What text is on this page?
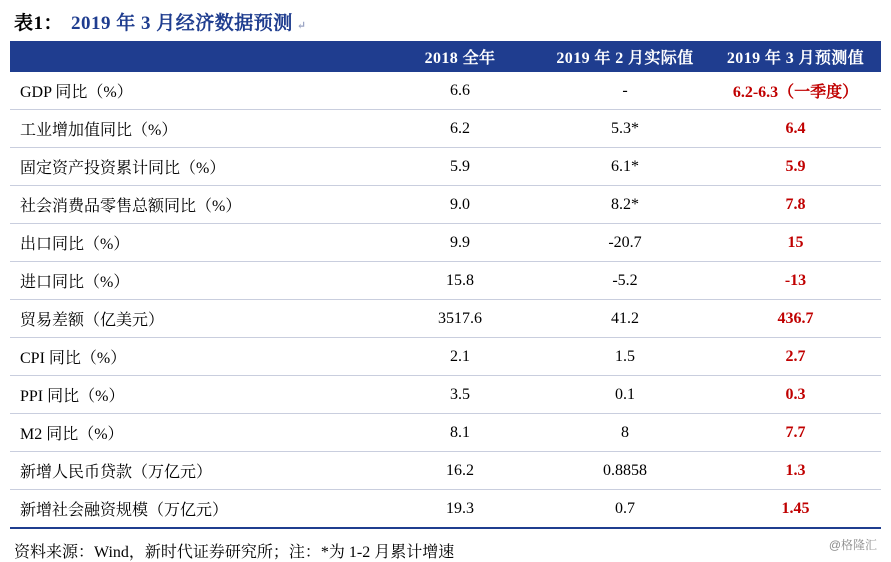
表1： 2019 年 3 月经济数据预测 ↵
	2018 全年	2019 年 2 月实际值	2019 年 3 月预测值
GDP 同比（%）	6.6	-	6.2-6.3（一季度）
工业增加值同比（%）	6.2	5.3*	6.4
固定资产投资累计同比（%）	5.9	6.1*	5.9
社会消费品零售总额同比（%）	9.0	8.2*	7.8
出口同比（%）	9.9	-20.7	15
进口同比（%）	15.8	-5.2	-13
贸易差额（亿美元）	3517.6	41.2	436.7
CPI 同比（%）	2.1	1.5	2.7
PPI 同比（%）	3.5	0.1	0.3
M2 同比（%）	8.1	8	7.7
新增人民币贷款（万亿元）	16.2	0.8858	1.3
新增社会融资规模（万亿元）	19.3	0.7	1.45
资料来源：Wind，新时代证券研究所；注：*为 1-2 月累计增速	@格隆汇
